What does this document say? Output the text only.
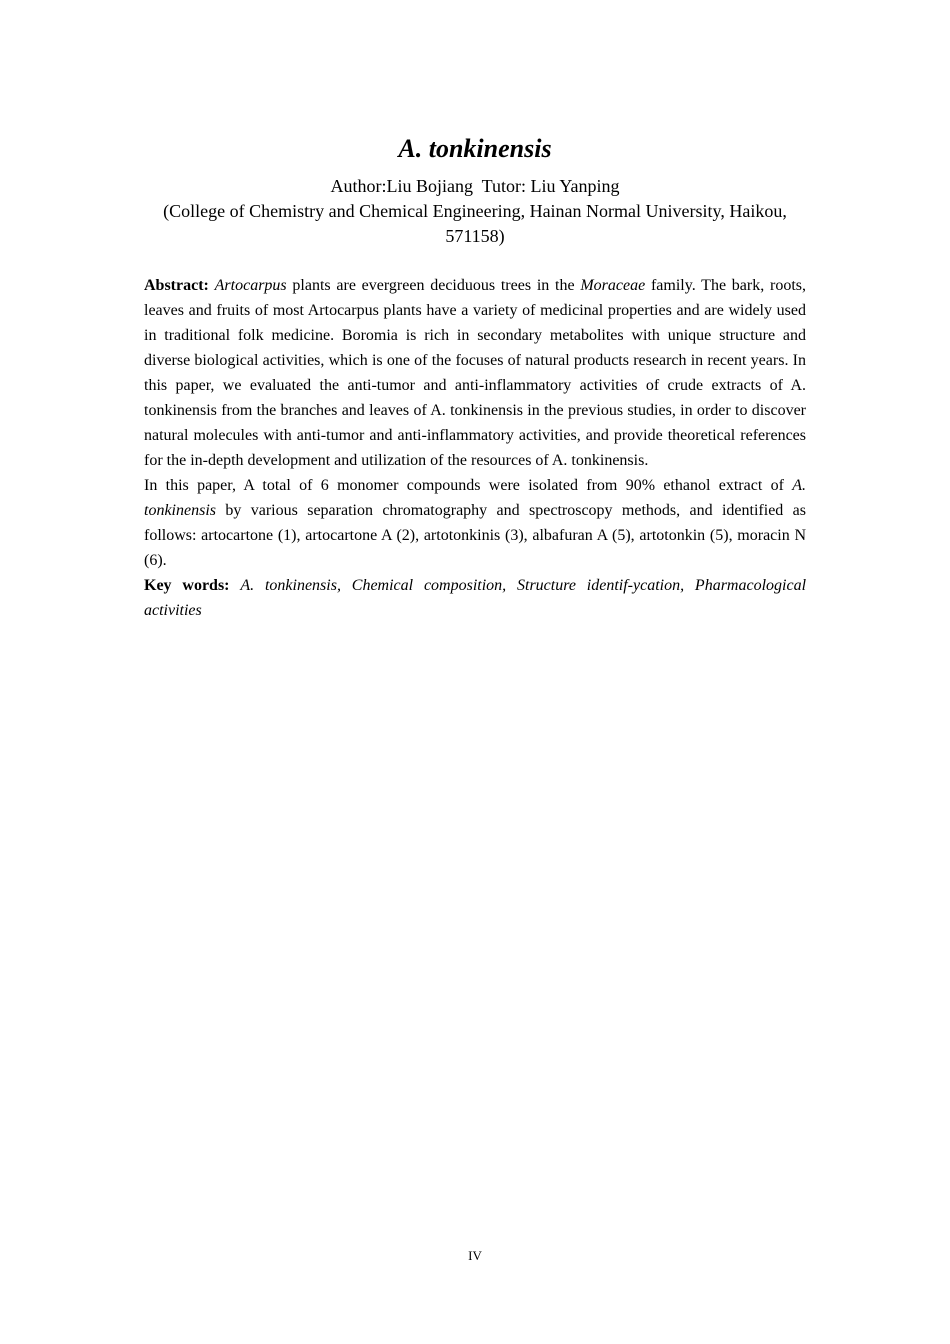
A. tonkinensis
Author:Liu Bojiang  Tutor: Liu Yanping
(College of Chemistry and Chemical Engineering, Hainan Normal University, Haikou, 571158)

Abstract: Artocarpus plants are evergreen deciduous trees in the Moraceae family. The bark, roots, leaves and fruits of most Artocarpus plants have a variety of medicinal properties and are widely used in traditional folk medicine. Boromia is rich in secondary metabolites with unique structure and diverse biological activities, which is one of the focuses of natural products research in recent years. In this paper, we evaluated the anti-tumor and anti-inflammatory activities of crude extracts of A. tonkinensis from the branches and leaves of A. tonkinensis in the previous studies, in order to discover natural molecules with anti-tumor and anti-inflammatory activities, and provide theoretical references for the in-depth development and utilization of the resources of A. tonkinensis.

In this paper, A total of 6 monomer compounds were isolated from 90% ethanol extract of A. tonkinensis by various separation chromatography and spectroscopy methods, and identified as follows: artocartone (1), artocartone A (2), artotonkinis (3), albafuran A (5), artotonkin (5), moracin N (6).

Key words: A. tonkinensis, Chemical composition, Structure identif-ycation, Pharmacological activities

IV
